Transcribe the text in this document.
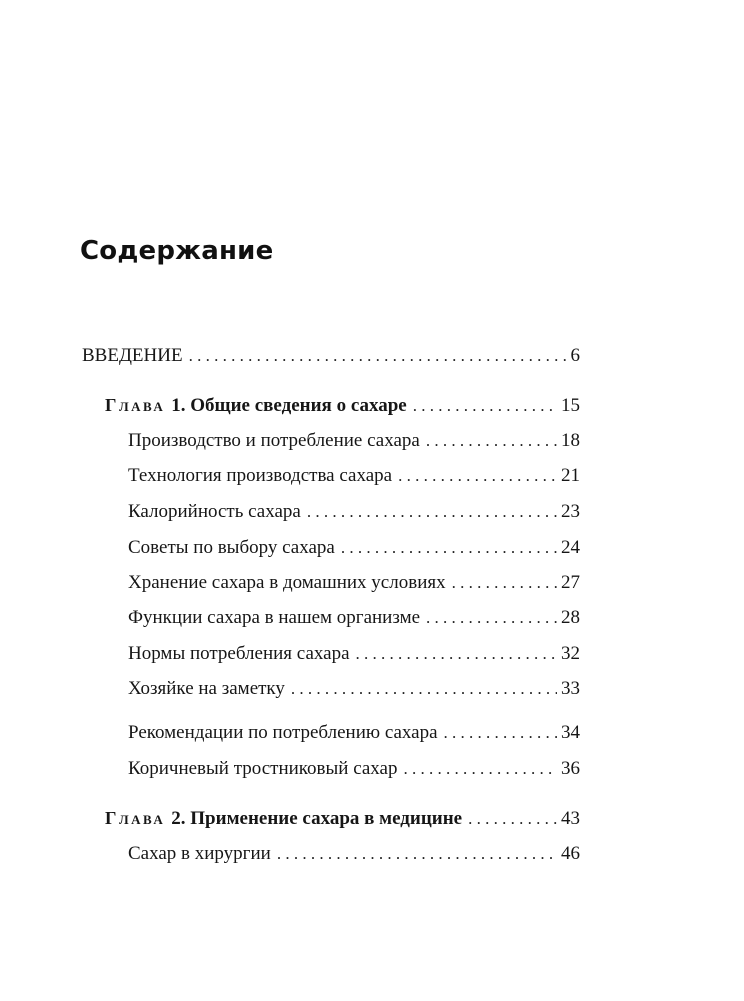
Содержание
ВВЕДЕНИЕ . . .	6
Глава 1. Общие сведения о сахаре . . .	15
Производство и потребление сахара . . .	18
Технология производства сахара . . .	21
Калорийность сахара . . .	23
Советы по выбору сахара . . .	24
Хранение сахара в домашних условиях . . .	27
Функции сахара в нашем организме . . .	28
Нормы потребления сахара . . .	32
Хозяйке на заметку . . .	33
Рекомендации по потреблению сахара . . .	34
Коричневый тростниковый сахар . . .	36
Глава 2. Применение сахара в медицине . . .	43
Сахар в хирургии . . .	46
